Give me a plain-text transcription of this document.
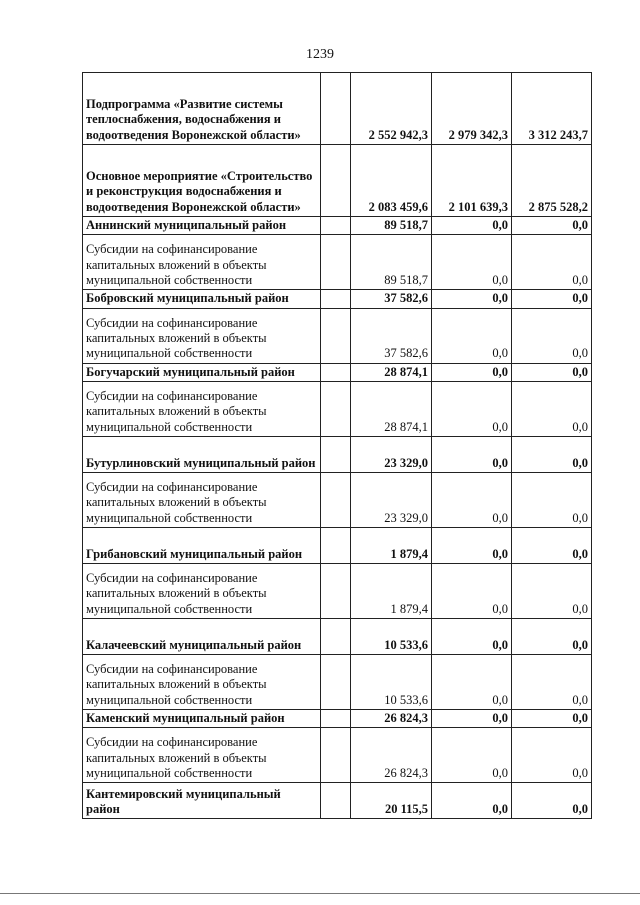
1239
Подпрограмма «Развитие системы теплоснабжения, водоснабжения и водоотведения Воронежской области»		2 552 942,3	2 979 342,3	3 312 243,7
Основное мероприятие «Строительство и реконструкция водоснабжения и водоотведения Воронежской области»		2 083 459,6	2 101 639,3	2 875 528,2
Аннинский муниципальный район		89 518,7	0,0	0,0
Субсидии на софинансирование капитальных вложений в объекты муниципальной собственности		89 518,7	0,0	0,0
Бобровский муниципальный район		37 582,6	0,0	0,0
Субсидии на софинансирование капитальных вложений в объекты муниципальной собственности		37 582,6	0,0	0,0
Богучарский муниципальный район		28 874,1	0,0	0,0
Субсидии на софинансирование капитальных вложений в объекты муниципальной собственности		28 874,1	0,0	0,0
Бутурлиновский муниципальный район		23 329,0	0,0	0,0
Субсидии на софинансирование капитальных вложений в объекты муниципальной собственности		23 329,0	0,0	0,0
Грибановский муниципальный район		1 879,4	0,0	0,0
Субсидии на софинансирование капитальных вложений в объекты муниципальной собственности		1 879,4	0,0	0,0
Калачеевский муниципальный район		10 533,6	0,0	0,0
Субсидии на софинансирование капитальных вложений в объекты муниципальной собственности		10 533,6	0,0	0,0
Каменский муниципальный район		26 824,3	0,0	0,0
Субсидии на софинансирование капитальных вложений в объекты муниципальной собственности		26 824,3	0,0	0,0
Кантемировский муниципальный район		20 115,5	0,0	0,0
